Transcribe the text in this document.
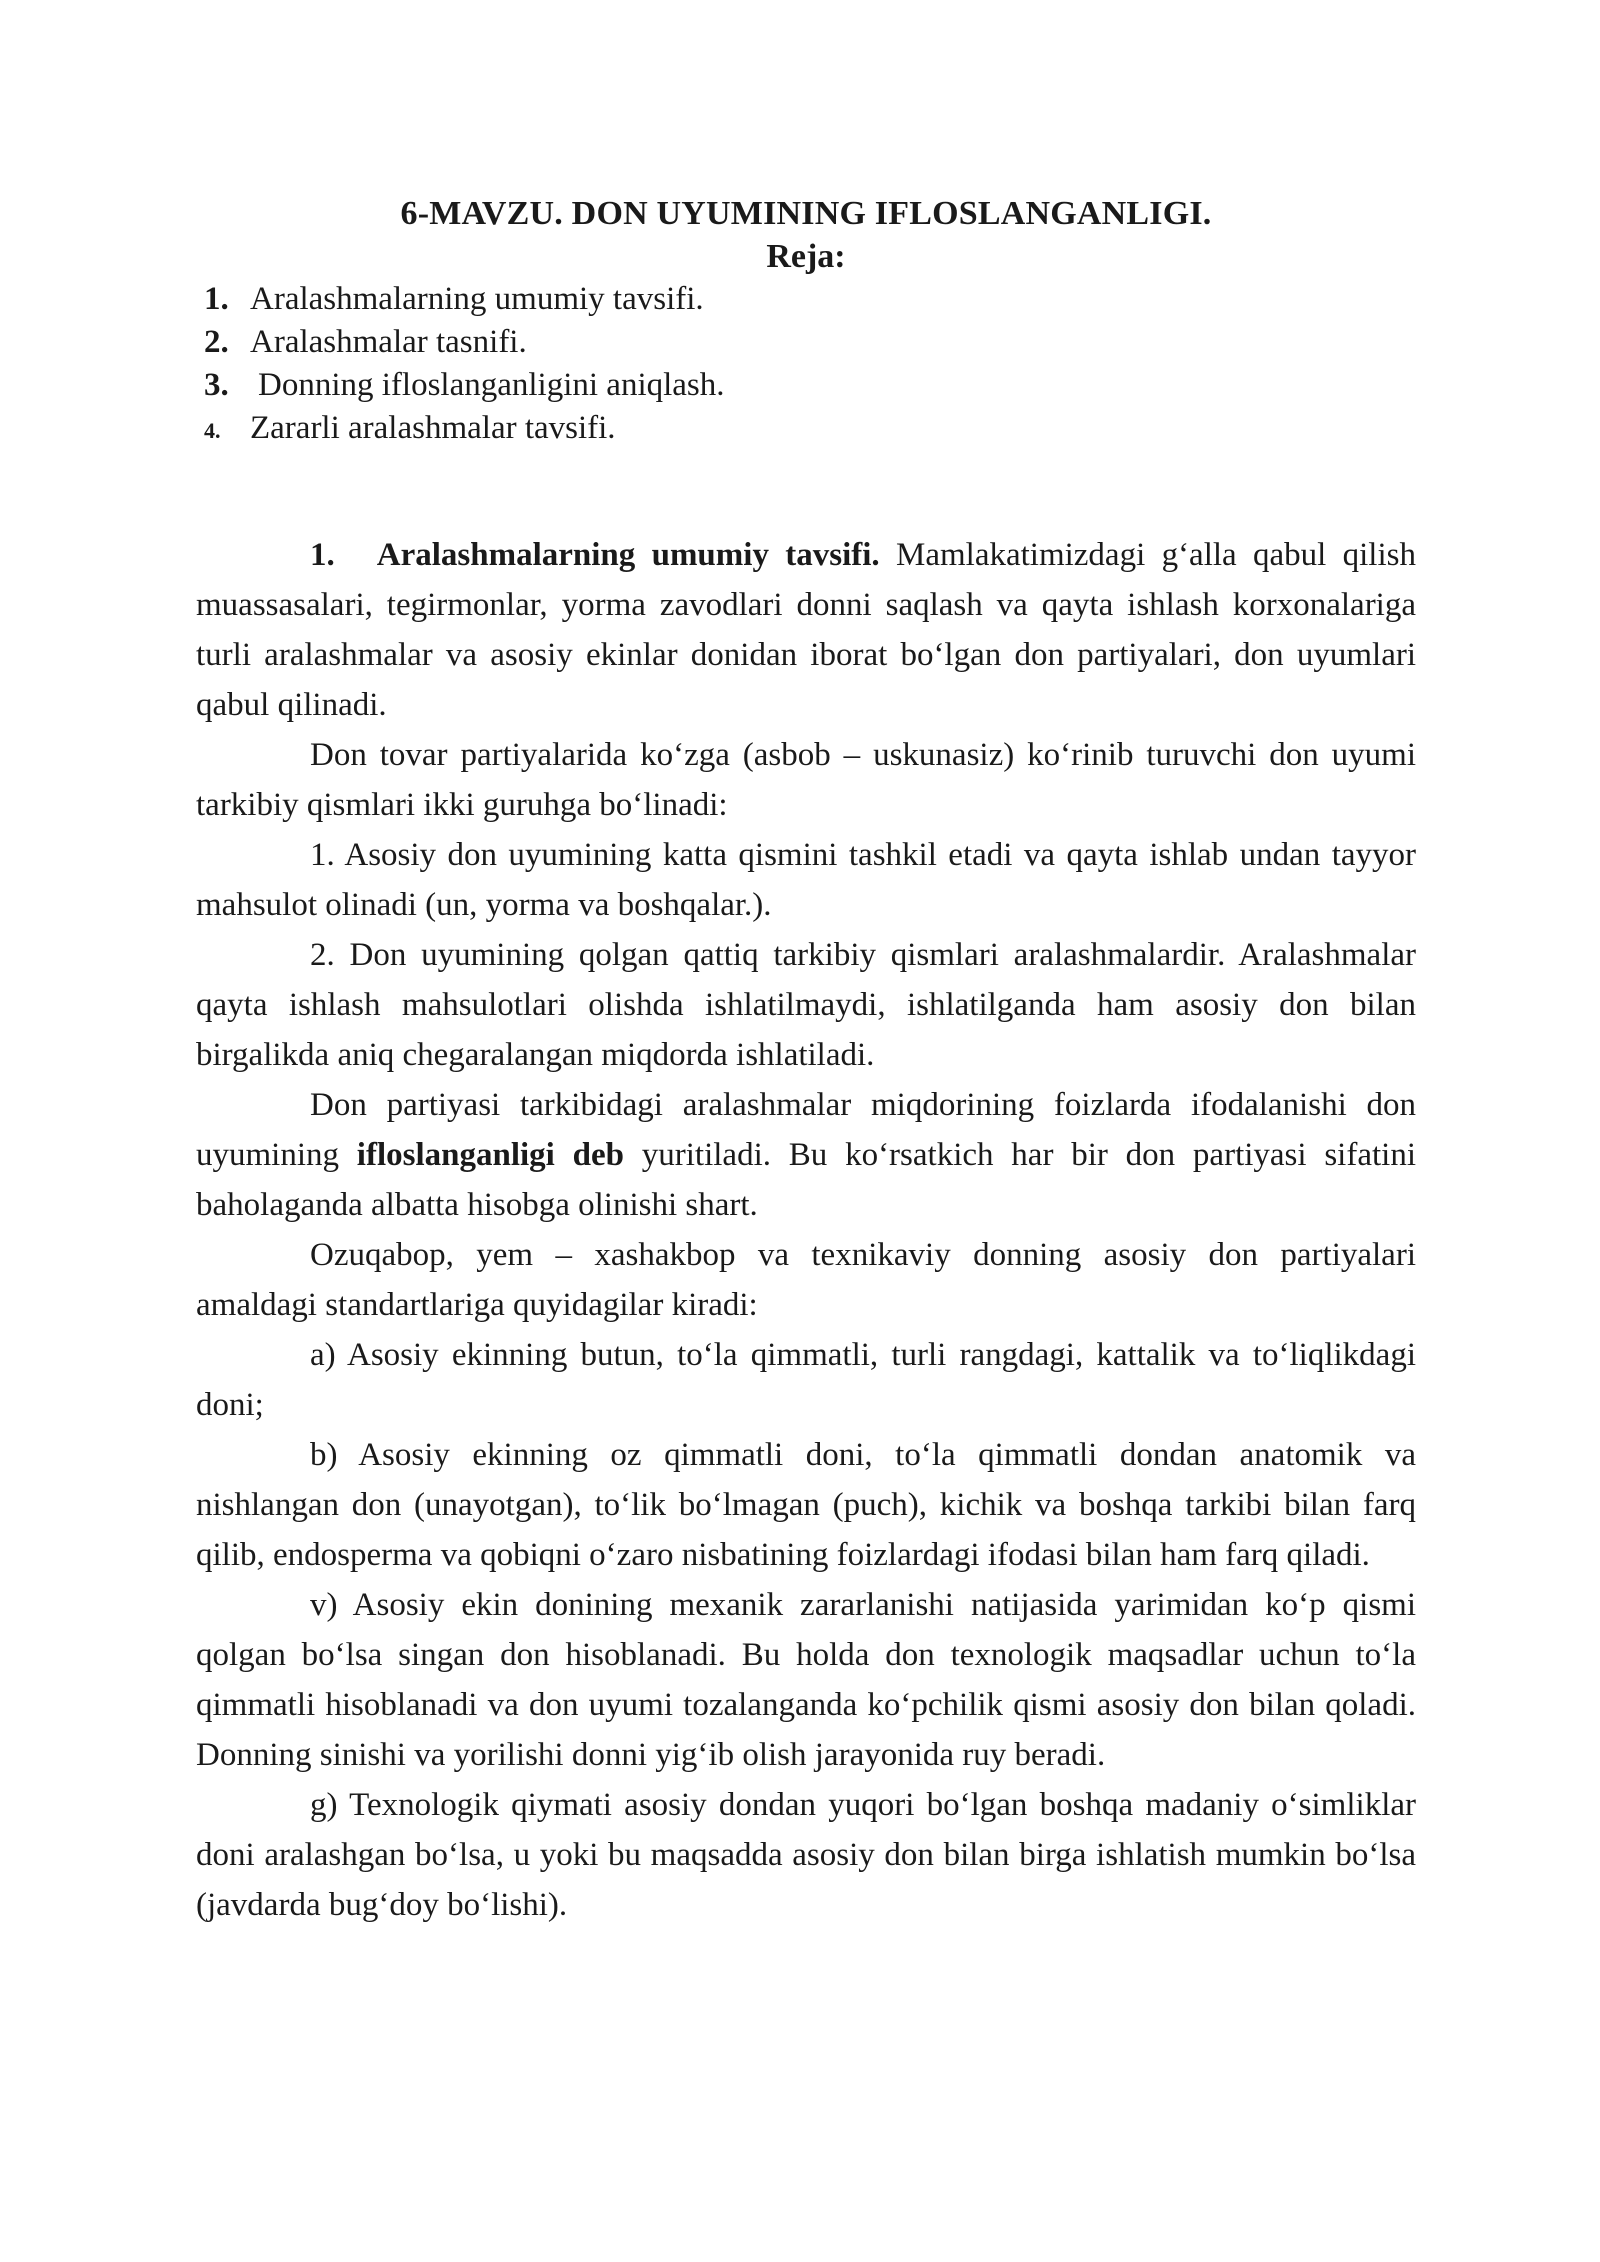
6-MAVZU. DON UYUMINING IFLOSLANGANLIGI.
Reja:
1. Aralashmalarning umumiy tavsifi.
2. Aralashmalar tasnifi.
3. Donning ifloslanganligini aniqlash.
4. Zararli aralashmalar tavsifi.

1. Aralashmalarning umumiy tavsifi. Mamlakatimizdagi g‘alla qabul qilish muassasalari, tegirmonlar, yorma zavodlari donni saqlash va qayta ishlash korxonalariga turli aralashmalar va asosiy ekinlar donidan iborat bo‘lgan don partiyalari, don uyumlari qabul qilinadi.

Don tovar partiyalarida ko‘zga (asbob – uskunasiz) ko‘rinib turuvchi don uyumi tarkibiy qismlari ikki guruhga bo‘linadi:

1. Asosiy don uyumining katta qismini tashkil etadi va qayta ishlab undan tayyor mahsulot olinadi (un, yorma va boshqalar.).

2. Don uyumining qolgan qattiq tarkibiy qismlari aralashmalardir. Aralashmalar qayta ishlash mahsulotlari olishda ishlatilmaydi, ishlatilganda ham asosiy don bilan birgalikda aniq chegaralangan miqdorda ishlatiladi.

Don partiyasi tarkibidagi aralashmalar miqdorining foizlarda ifodalanishi don uyumining ifloslanganligi deb yuritiladi. Bu ko‘rsatkich har bir don partiyasi sifatini baholaganda albatta hisobga olinishi shart.

Ozuqabop, yem – xashakbop va texnikaviy donning asosiy don partiyalari amaldagi standartlariga quyidagilar kiradi:

a) Asosiy ekinning butun, to‘la qimmatli, turli rangdagi, kattalik va to‘liqlikdagi doni;

b) Asosiy ekinning oz qimmatli doni, to‘la qimmatli dondan anatomik va nishlangan don (unayotgan), to‘lik bo‘lmagan (puch), kichik va boshqa tarkibi bilan farq qilib, endosperma va qobiqni o‘zaro nisbatining foizlardagi ifodasi bilan ham farq qiladi.

v) Asosiy ekin donining mexanik zararlanishi natijasida yarimidan ko‘p qismi qolgan bo‘lsa singan don hisoblanadi. Bu holda don texnologik maqsadlar uchun to‘la qimmatli hisoblanadi va don uyumi tozalanganda ko‘pchilik qismi asosiy don bilan qoladi. Donning sinishi va yorilishi donni yig‘ib olish jarayonida ruy beradi.

g) Texnologik qiymati asosiy dondan yuqori bo‘lgan boshqa madaniy o‘simliklar doni aralashgan bo‘lsa, u yoki bu maqsadda asosiy don bilan birga ishlatish mumkin bo‘lsa (javdarda bug‘doy bo‘lishi).
